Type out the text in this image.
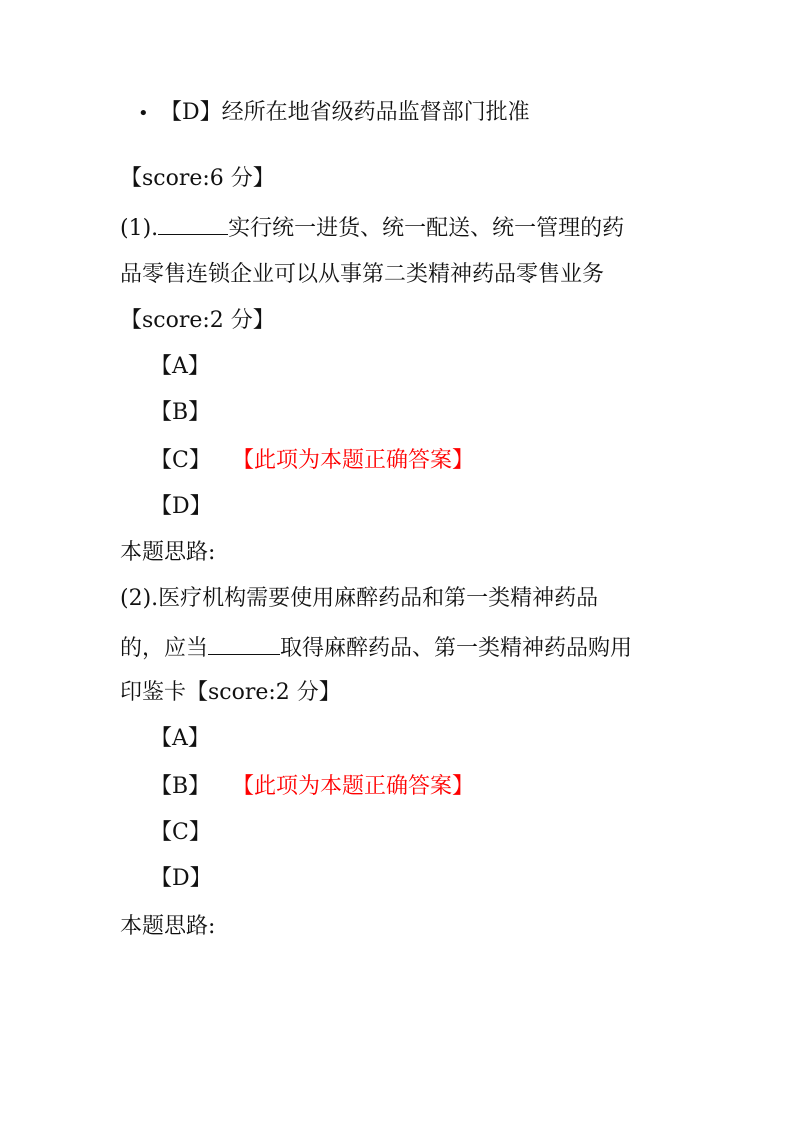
• 【D】经所在地省级药品监督部门批准
【score:6 分】
(1).	实行统一进货、统一配送、统一管理的药
品零售连锁企业可以从事第二类精神药品零售业务
【score:2 分】
【A】
【B】
【C】 【此项为本题正确答案】
【D】
本题思路:
(2).医疗机构需要使用麻醉药品和第一类精神药品
的，应当	取得麻醉药品、第一类精神药品购用
印鉴卡【score:2 分】
【A】
【B】 【此项为本题正确答案】
【C】
【D】
本题思路:
